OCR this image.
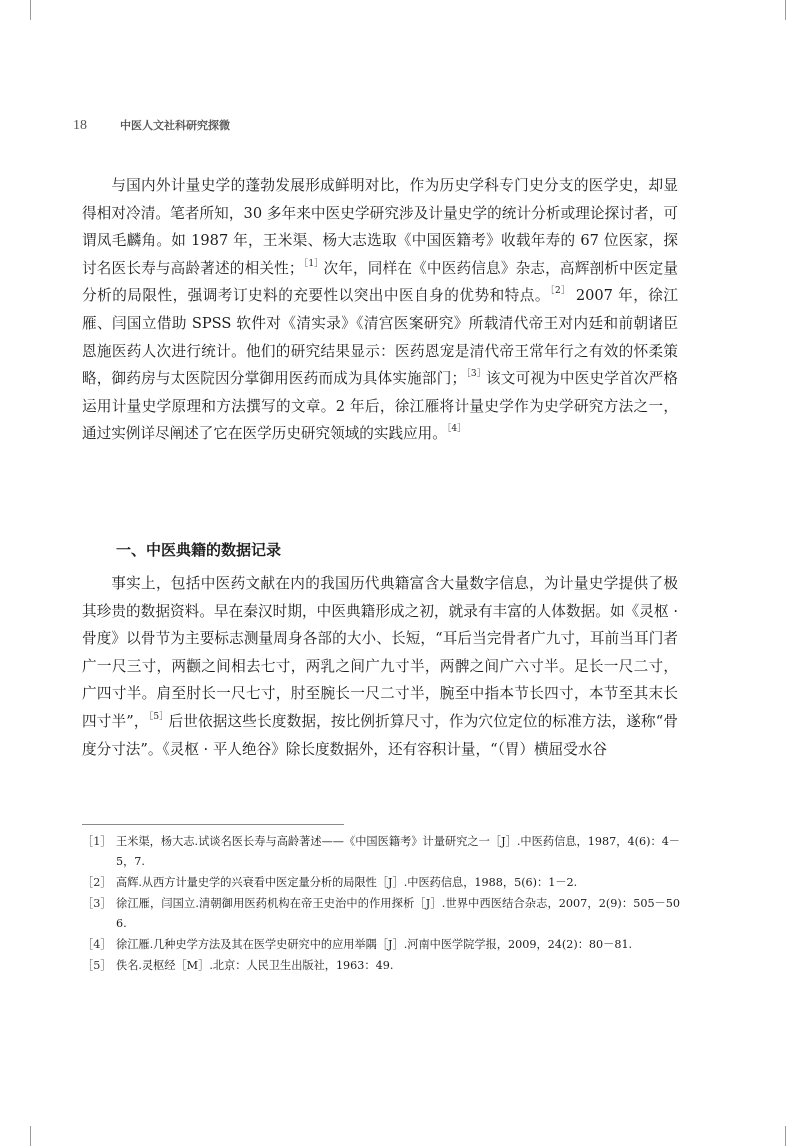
18	中医人文社科研究探微

与国内外计量史学的蓬勃发展形成鲜明对比，作为历史学科专门史分支的医学史，却显得相对冷清。笔者所知，30 多年来中医史学研究涉及计量史学的统计分析或理论探讨者，可谓凤毛麟角。如 1987 年，王米渠、杨大志选取《中国医籍考》收载年寿的 67 位医家，探讨名医长寿与高龄著述的相关性；$^{[1]}$次年，同样在《中医药信息》杂志，高辉剖析中医定量分析的局限性，强调考订史料的充要性以突出中医自身的优势和特点。$^{[2]}$ 2007 年，徐江雁、闫国立借助 SPSS 软件对《清实录》《清宫医案研究》所载清代帝王对内廷和前朝诸臣恩施医药人次进行统计。他们的研究结果显示：医药恩宠是清代帝王常年行之有效的怀柔策略，御药房与太医院因分掌御用医药而成为具体实施部门；$^{[3]}$该文可视为中医史学首次严格运用计量史学原理和方法撰写的文章。2 年后，徐江雁将计量史学作为史学研究方法之一，通过实例详尽阐述了它在医学历史研究领域的实践应用。$^{[4]}$

一、中医典籍的数据记录

事实上，包括中医药文献在内的我国历代典籍富含大量数字信息，为计量史学提供了极其珍贵的数据资料。早在秦汉时期，中医典籍形成之初，就录有丰富的人体数据。如《灵枢 · 骨度》以骨节为主要标志测量周身各部的大小、长短，“耳后当完骨者广九寸，耳前当耳门者广一尺三寸，两颧之间相去七寸，两乳之间广九寸半，两髀之间广六寸半。足长一尺二寸，广四寸半。肩至肘长一尺七寸，肘至腕长一尺二寸半，腕至中指本节长四寸，本节至其末长四寸半”，$^{[5]}$后世依据这些长度数据，按比例折算尺寸，作为穴位定位的标准方法，遂称“骨度分寸法”。《灵枢 · 平人绝谷》除长度数据外，还有容积计量，“（胃）横屈受水谷

［1］ 王米渠，杨大志.试谈名医长寿与高龄著述——《中国医籍考》计量研究之一［J］.中医药信息，1987，4(6)：4－5，7.
［2］ 高辉.从西方计量史学的兴衰看中医定量分析的局限性［J］.中医药信息，1988，5(6)：1－2.
［3］ 徐江雁，闫国立.清朝御用医药机构在帝王史治中的作用探析［J］.世界中西医结合杂志，2007，2(9)：505－506.
［4］ 徐江雁.几种史学方法及其在医学史研究中的应用举隅［J］.河南中医学院学报，2009，24(2)：80－81.
［5］ 佚名.灵枢经［M］.北京：人民卫生出版社，1963：49.
